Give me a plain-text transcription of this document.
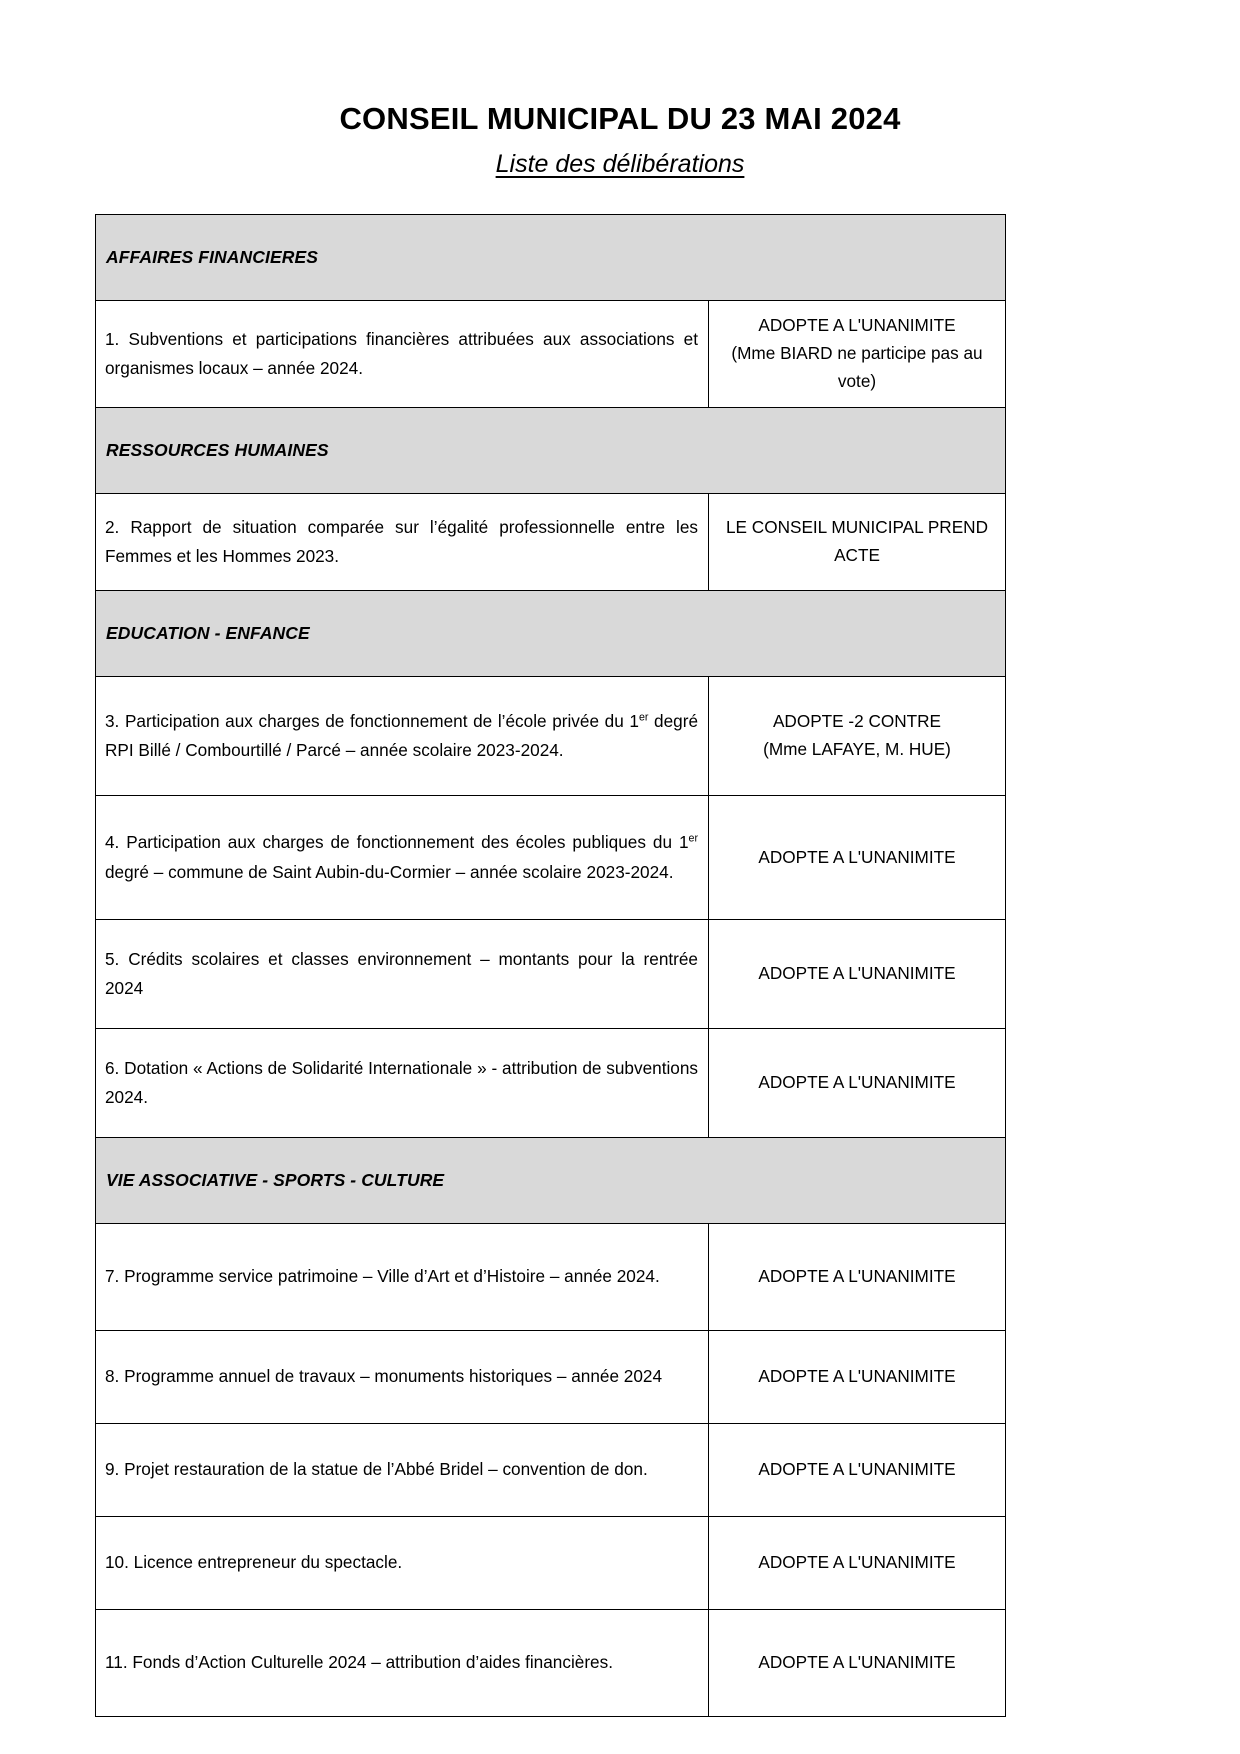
CONSEIL MUNICIPAL DU 23 MAI 2024
Liste des délibérations
AFFAIRES FINANCIERES	

1. Subventions et participations financières attribuées aux associations et organismes locaux – année 2024.	ADOPTE A L'UNANIMITE
(Mme BIARD ne participe pas au vote)

RESSOURCES HUMAINES	

2. Rapport de situation comparée sur l’égalité professionnelle entre les Femmes et les Hommes 2023.	LE CONSEIL MUNICIPAL PREND ACTE

EDUCATION - ENFANCE	

3. Participation aux charges de fonctionnement de l’école privée du 1er degré RPI Billé / Combourtillé / Parcé – année scolaire 2023-2024.	ADOPTE -2 CONTRE
(Mme LAFAYE, M. HUE)

4. Participation aux charges de fonctionnement des écoles publiques du 1er degré – commune de Saint Aubin-du-Cormier – année scolaire 2023-2024.	ADOPTE A L'UNANIMITE

5. Crédits scolaires et classes environnement – montants pour la rentrée 2024	ADOPTE A L'UNANIMITE

6. Dotation « Actions de Solidarité Internationale » - attribution de subventions 2024.	ADOPTE A L'UNANIMITE

VIE ASSOCIATIVE - SPORTS - CULTURE	

7. Programme service patrimoine – Ville d’Art et d’Histoire – année 2024.	ADOPTE A L'UNANIMITE

8. Programme annuel de travaux – monuments historiques – année 2024	ADOPTE A L'UNANIMITE

9. Projet restauration de la statue de l’Abbé Bridel – convention de don.	ADOPTE A L'UNANIMITE

10. Licence entrepreneur du spectacle.	ADOPTE A L'UNANIMITE

11. Fonds d’Action Culturelle 2024 – attribution d’aides financières.	ADOPTE A L'UNANIMITE
